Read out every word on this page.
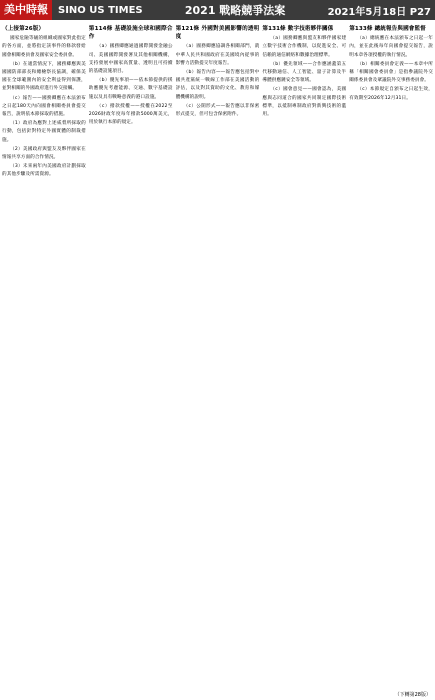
美中時報	SINO US TIMES	2021 戰略競爭法案	2021年5月18日 P27
（上接第26版）

國家危險等級的組織或國家對此指定的各方面，並將指定該事件的條款發給國會相關委員會及國家安全委員會。

（b）在適當情況下，國務卿應與美國國防部部長和總檢察長協調，確保美國在全球範圍內的安全利益得到保護，並對相關的外國政府進行外交接觸。

（c）報告——國務卿應在本法頒布之日起180天內向國會相關委員會提交報告，說明依本節採取的措施。

（1）政府為應對上述威脅所採取的行動，包括針對特定外國實體的制裁措施。

（2）美國政府與盟友及夥伴國家在情報共享方面的合作情況。

（3）未來兩年內美國政府計劃採取的其他步驟及所需資源。

第114條 基礎設施全球和國際合作

（a）國務卿應通過國際開發金融公司、美國國際開發署及其他相關機構，支持發展中國家高質量、透明且可持續的基礎設施項目。

（b）優先事項——依本節提供的援助應優先考慮能源、交通、數字基礎設施以及具有戰略意義的港口設施。

（c）撥款授權——授權在2022至2026財政年度每年撥款5000萬美元，用於執行本節的規定。

第121條 外國對美國影響的透明度

（a）國務卿應協調各相關部門，就中華人民共和國政府在美國境內從事的影響力活動提交年度報告。

（b）報告內容——報告應包括對中國共產黨統一戰線工作部在美國活動的評估，以及對其資助的文化、教育和媒體機構的說明。

（c）公開形式——報告應以非保密形式提交，但可包含保密附件。

第131條 數字技術夥伴關係

（a）國務卿應與盟友和夥伴國家建立數字技術合作機制，以促進安全、可信賴的通信網絡和數據治理標準。

（b）優先領域——合作應涵蓋第五代移動通信、人工智能、量子計算及半導體供應鏈安全等領域。

（c）國會意見——國會認為，美國應與志同道合的國家共同制定國際技術標準，以抵制專制政府對新興技術的濫用。

第133條 總統報告與國會監督

（a）總統應在本法頒布之日起一年內，並在此後每年向國會提交報告，說明本章各項授權的執行情況。

（b）相關委員會定義——本章中所稱「相關國會委員會」是指參議院外交關係委員會及眾議院外交事務委員會。

（c）本節規定自頒布之日起生效，有效期至2026年12月31日。

（下轉第28版）
